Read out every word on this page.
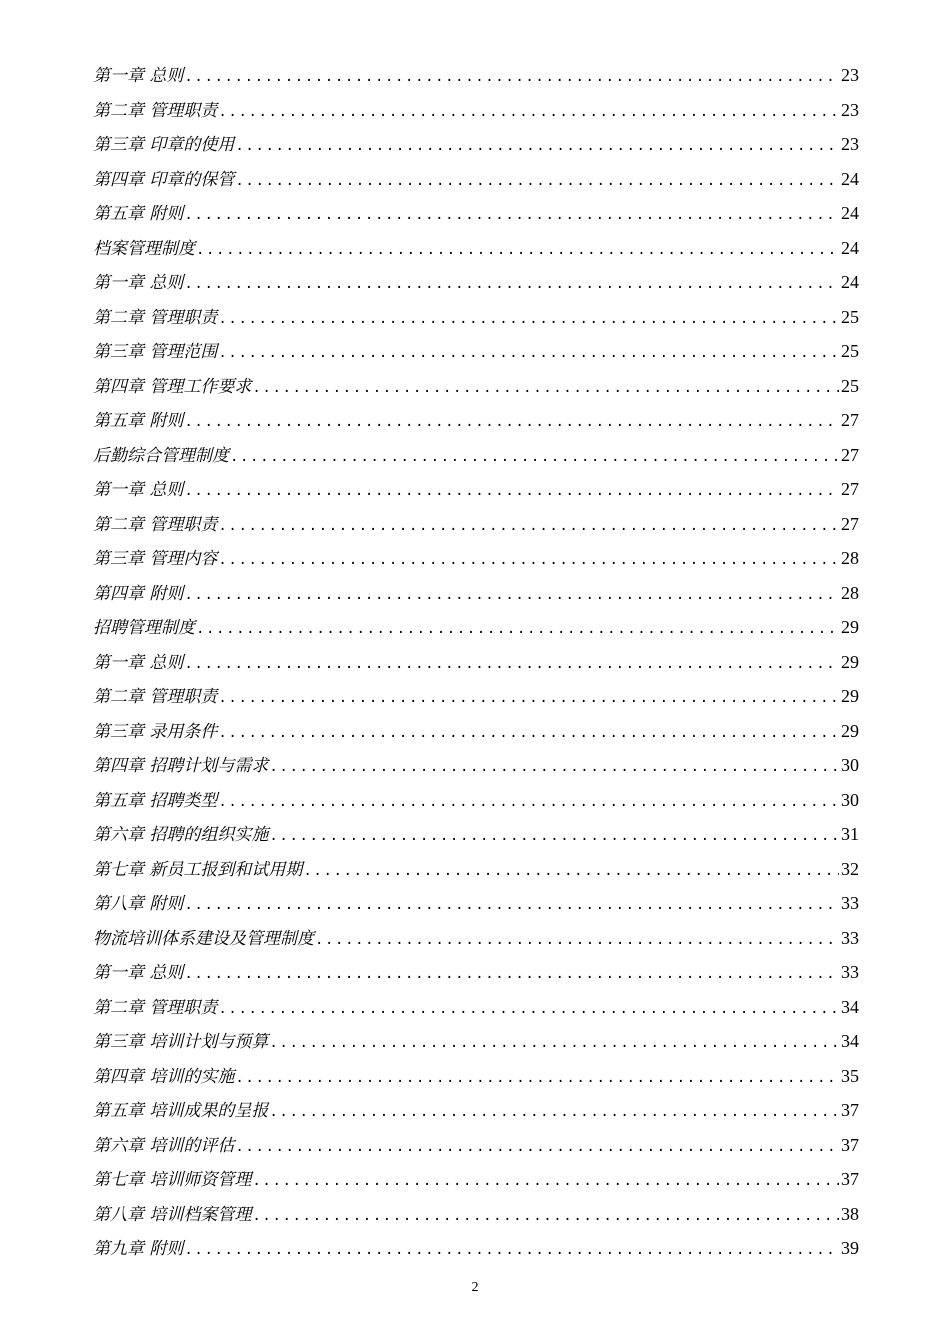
第一章 总则 .....	23
第二章 管理职责 .....	23
第三章 印章的使用 .....	23
第四章 印章的保管 .....	24
第五章 附则 .....	24
档案管理制度 .....	24
第一章 总则 .....	24
第二章 管理职责 .....	25
第三章 管理范围 .....	25
第四章 管理工作要求 .....	25
第五章 附则 .....	27
后勤综合管理制度 .....	27
第一章 总则 .....	27
第二章 管理职责 .....	27
第三章 管理内容 .....	28
第四章 附则 .....	28
招聘管理制度 .....	29
第一章 总则 .....	29
第二章 管理职责 .....	29
第三章 录用条件 .....	29
第四章 招聘计划与需求 .....	30
第五章 招聘类型 .....	30
第六章 招聘的组织实施 .....	31
第七章 新员工报到和试用期 .....	32
第八章 附则 .....	33
物流培训体系建设及管理制度 .....	33
第一章 总则 .....	33
第二章 管理职责 .....	34
第三章 培训计划与预算 .....	34
第四章 培训的实施 .....	35
第五章 培训成果的呈报 .....	37
第六章 培训的评估 .....	37
第七章 培训师资管理 .....	37
第八章 培训档案管理 .....	38
第九章 附则 .....	39
2
